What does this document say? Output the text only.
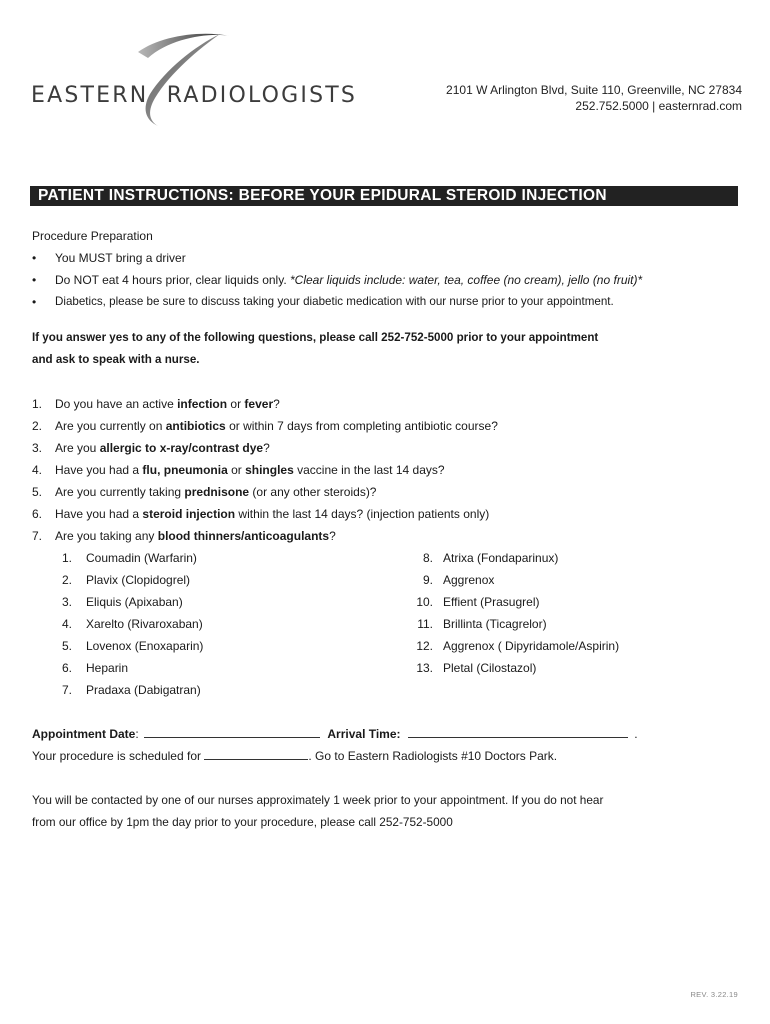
EASTERN RADIOLOGISTS	2101 W Arlington Blvd, Suite 110, Greenville, NC 27834
252.752.5000 | easternrad.com
PATIENT INSTRUCTIONS: BEFORE YOUR EPIDURAL STEROID INJECTION
Procedure Preparation
• You MUST bring a driver
• Do NOT eat 4 hours prior, clear liquids only. *Clear liquids include: water, tea, coffee (no cream), jello (no fruit)*
• Diabetics, please be sure to discuss taking your diabetic medication with our nurse prior to your appointment.
If you answer yes to any of the following questions, please call 252-752-5000 prior to your appointment
and ask to speak with a nurse.
1. Do you have an active infection or fever?
2. Are you currently on antibiotics or within 7 days from completing antibiotic course?
3. Are you allergic to x-ray/contrast dye?
4. Have you had a flu, pneumonia or shingles vaccine in the last 14 days?
5. Are you currently taking prednisone (or any other steroids)?
6. Have you had a steroid injection within the last 14 days? (injection patients only)
7. Are you taking any blood thinners/anticoagulants?
1. Coumadin (Warfarin)
2. Plavix (Clopidogrel)
3. Eliquis (Apixaban)
4. Xarelto (Rivaroxaban)
5. Lovenox (Enoxaparin)
6. Heparin
7. Pradaxa (Dabigatran)
8. Atrixa (Fondaparinux)
9. Aggrenox
10. Effient (Prasugrel)
11. Brillinta (Ticagrelor)
12. Aggrenox ( Dipyridamole/Aspirin)
13. Pletal (Cilostazol)
Appointment Date:	Arrival Time:	.
Your procedure is scheduled for	. Go to Eastern Radiologists #10 Doctors Park.
You will be contacted by one of our nurses approximately 1 week prior to your appointment. If you do not hear
from our office by 1pm the day prior to your procedure, please call 252-752-5000
REV. 3.22.19
